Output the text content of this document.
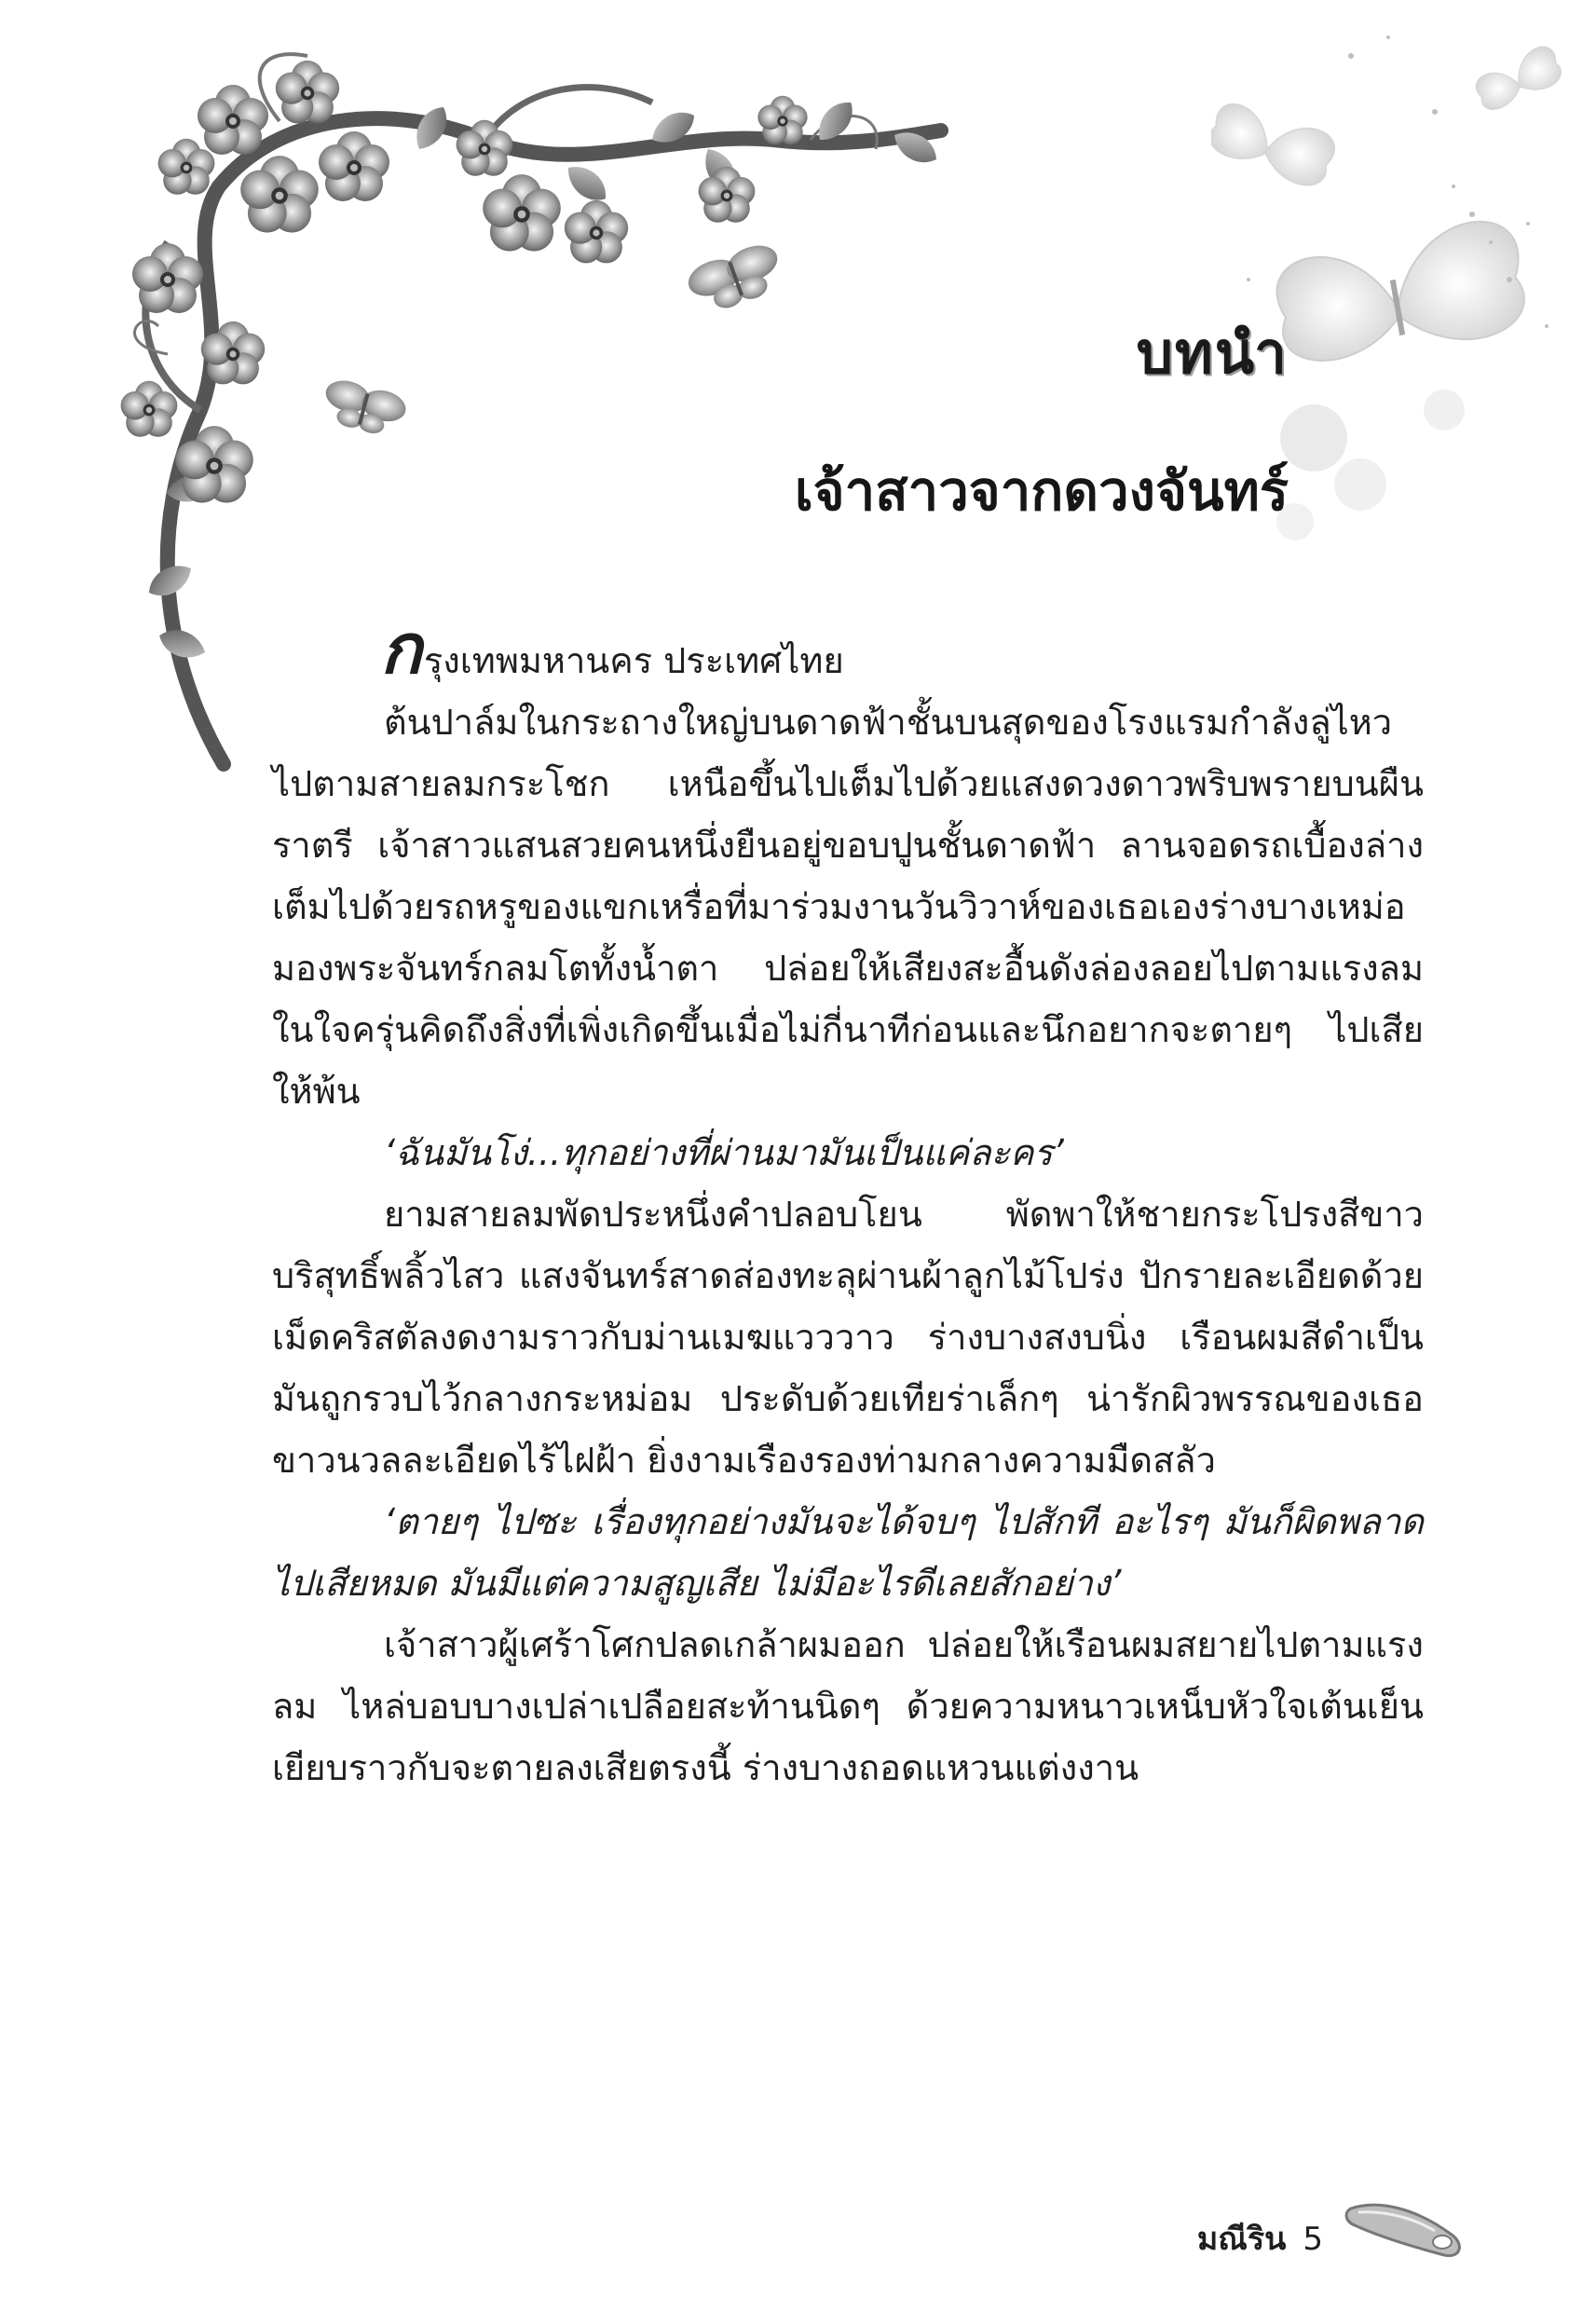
บทนำ
เจ้าสาวจากดวงจันทร์

กรุงเทพมหานคร ประเทศไทย

ต้นปาล์มในกระถางใหญ่บนดาดฟ้าชั้นบนสุดของโรงแรมกำลังลู่ไหวไปตามสายลมกระโชก เหนือขึ้นไปเต็มไปด้วยแสงดวงดาวพริบพรายบนผืนราตรี เจ้าสาวแสนสวยคนหนึ่งยืนอยู่ขอบปูนชั้นดาดฟ้า ลานจอดรถเบื้องล่างเต็มไปด้วยรถหรูของแขกเหรื่อที่มาร่วมงานวันวิวาห์ของเธอเองร่างบางเหม่อมองพระจันทร์กลมโตทั้งน้ำตา ปล่อยให้เสียงสะอื้นดังล่องลอยไปตามแรงลม ในใจครุ่นคิดถึงสิ่งที่เพิ่งเกิดขึ้นเมื่อไม่กี่นาทีก่อนและนึกอยากจะตายๆ ไปเสียให้พ้น

‘ฉันมันโง่...ทุกอย่างที่ผ่านมามันเป็นแค่ละคร’

ยามสายลมพัดประหนึ่งคำปลอบโยน พัดพาให้ชายกระโปรงสีขาวบริสุทธิ์พลิ้วไสว แสงจันทร์สาดส่องทะลุผ่านผ้าลูกไม้โปร่ง ปักรายละเอียดด้วยเม็ดคริสตัลงดงามราวกับม่านเมฆแวววาว ร่างบางสงบนิ่ง เรือนผมสีดำเป็นมันถูกรวบไว้กลางกระหม่อม ประดับด้วยเทียร่าเล็กๆ น่ารักผิวพรรณของเธอขาวนวลละเอียดไร้ไฝฝ้า ยิ่งงามเรืองรองท่ามกลางความมืดสลัว

‘ตายๆ ไปซะ เรื่องทุกอย่างมันจะได้จบๆ ไปสักที อะไรๆ มันก็ผิดพลาดไปเสียหมด มันมีแต่ความสูญเสีย ไม่มีอะไรดีเลยสักอย่าง’

เจ้าสาวผู้เศร้าโศกปลดเกล้าผมออก ปล่อยให้เรือนผมสยายไปตามแรงลม ไหล่บอบบางเปล่าเปลือยสะท้านนิดๆ ด้วยความหนาวเหน็บหัวใจเต้นเย็นเยียบราวกับจะตายลงเสียตรงนี้ ร่างบางถอดแหวนแต่งงาน

มณีริน 5
